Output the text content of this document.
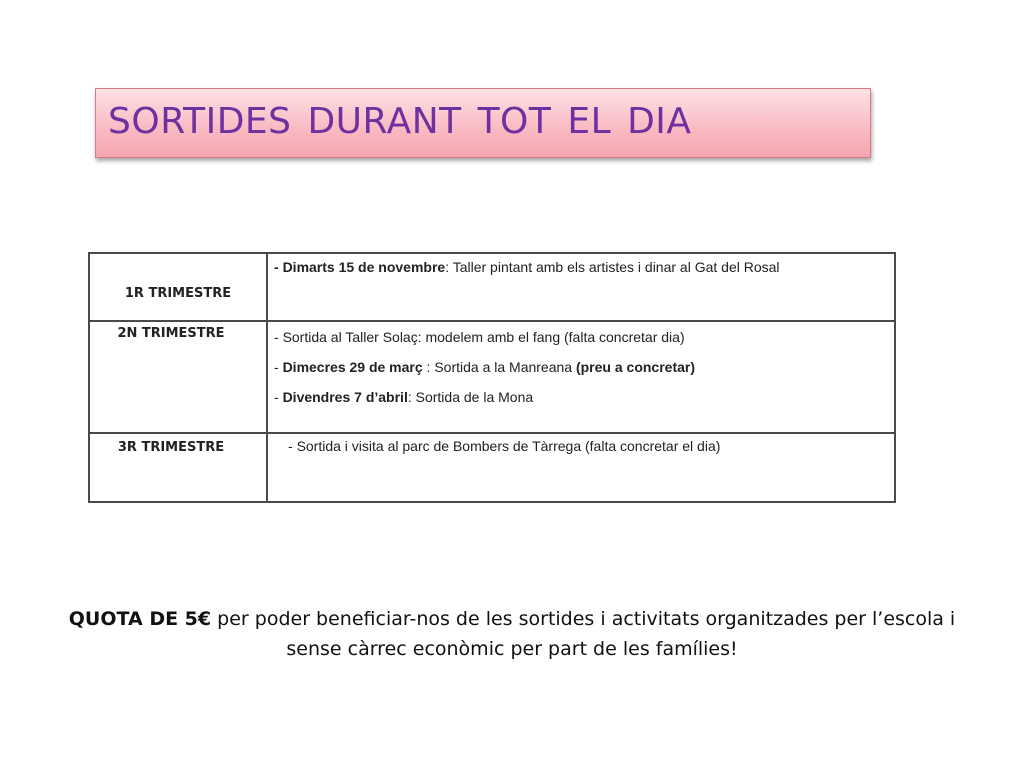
SORTIDES DURANT TOT EL DIA
1R TRIMESTRE	- Dimarts 15 de novembre: Taller pintant amb els artistes i dinar al Gat del Rosal

2N TRIMESTRE	- Sortida al Taller Solaç: modelem amb el fang (falta concretar dia)

- Dimecres 29 de març : Sortida a la Manreana (preu a concretar)

- Divendres 7 d’abril: Sortida de la Mona

3R TRIMESTRE	- Sortida i visita al parc de Bombers de Tàrrega (falta concretar el dia)
QUOTA DE 5€ per poder beneficiar-nos de les sortides i activitats organitzades per l’escola i sense càrrec econòmic per part de les famílies!
